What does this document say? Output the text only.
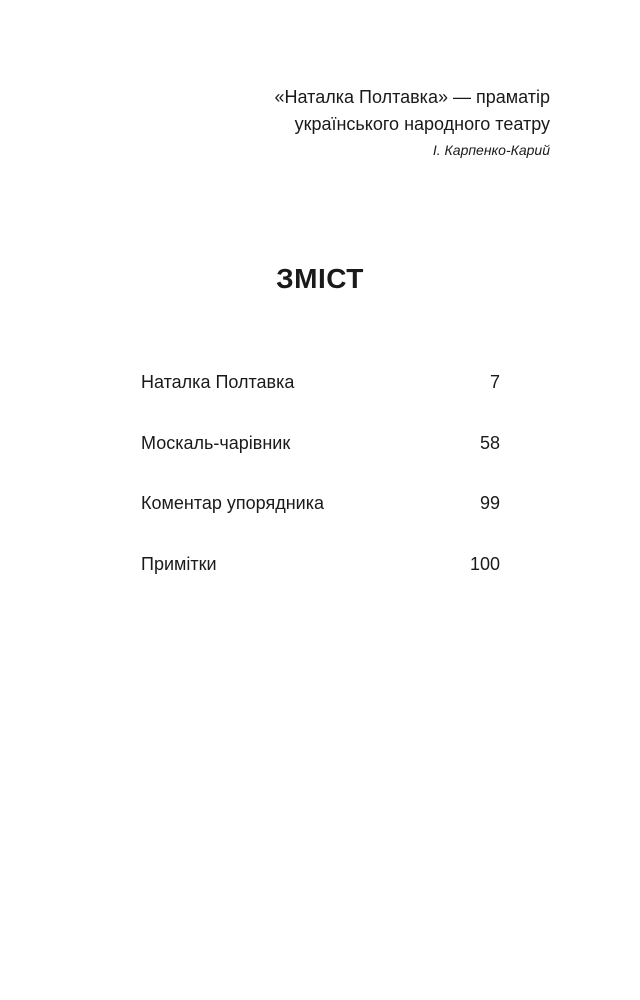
«Наталка Полтавка» — праматір
українського народного театру
І. Карпенко-Карий
ЗМІСТ
Наталка Полтавка	7
Москаль-чарівник	58
Коментар упорядника	99
Примітки	100
